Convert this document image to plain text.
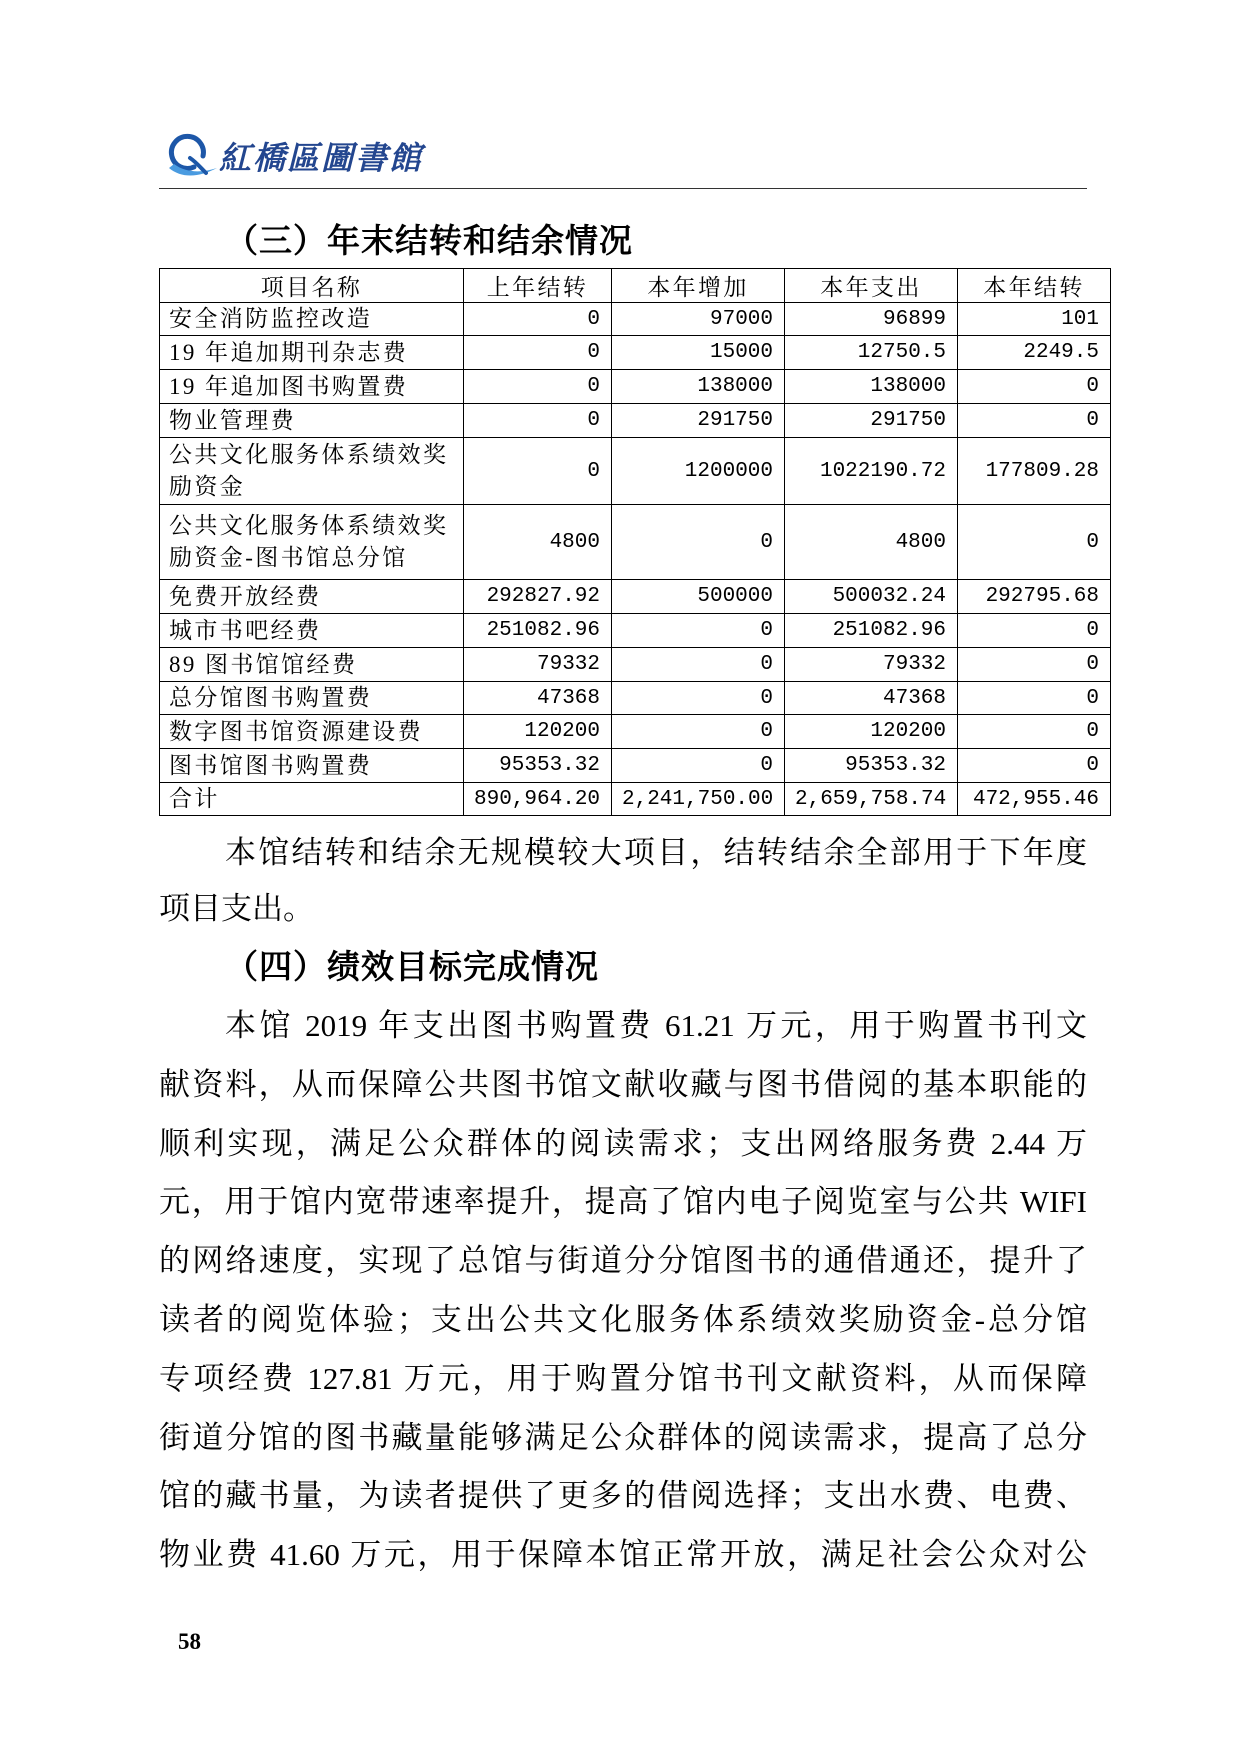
紅橋區圖書館
（三）年末结转和结余情况
项目名称	上年结转	本年增加	本年支出	本年结转

安全消防监控改造	0	97000	96899	101

19 年追加期刊杂志费	0	15000	12750.5	2249.5

19 年追加图书购置费	0	138000	138000	0

物业管理费	0	291750	291750	0

公共文化服务体系绩效奖
励资金	0	1200000	1022190.72	177809.28

公共文化服务体系绩效奖
励资金-图书馆总分馆	4800	0	4800	0

免费开放经费	292827.92	500000	500032.24	292795.68

城市书吧经费	251082.96	0	251082.96	0

89 图书馆馆经费	79332	0	79332	0

总分馆图书购置费	47368	0	47368	0

数字图书馆资源建设费	120200	0	120200	0

图书馆图书购置费	95353.32	0	95353.32	0

合计	890,964.20	2,241,750.00	2,659,758.74	472,955.46
本馆结转和结余无规模较大项目，结转结余全部用于下年度
项目支出。
（四）绩效目标完成情况
本馆 2019 年支出图书购置费 61.21 万元，用于购置书刊文
献资料，从而保障公共图书馆文献收藏与图书借阅的基本职能的
顺利实现，满足公众群体的阅读需求；支出网络服务费 2.44 万
元，用于馆内宽带速率提升，提高了馆内电子阅览室与公共 WIFI
的网络速度，实现了总馆与街道分分馆图书的通借通还，提升了
读者的阅览体验；支出公共文化服务体系绩效奖励资金-总分馆
专项经费 127.81 万元，用于购置分馆书刊文献资料，从而保障
街道分馆的图书藏量能够满足公众群体的阅读需求，提高了总分
馆的藏书量，为读者提供了更多的借阅选择；支出水费、电费、
物业费 41.60 万元，用于保障本馆正常开放，满足社会公众对公
58
